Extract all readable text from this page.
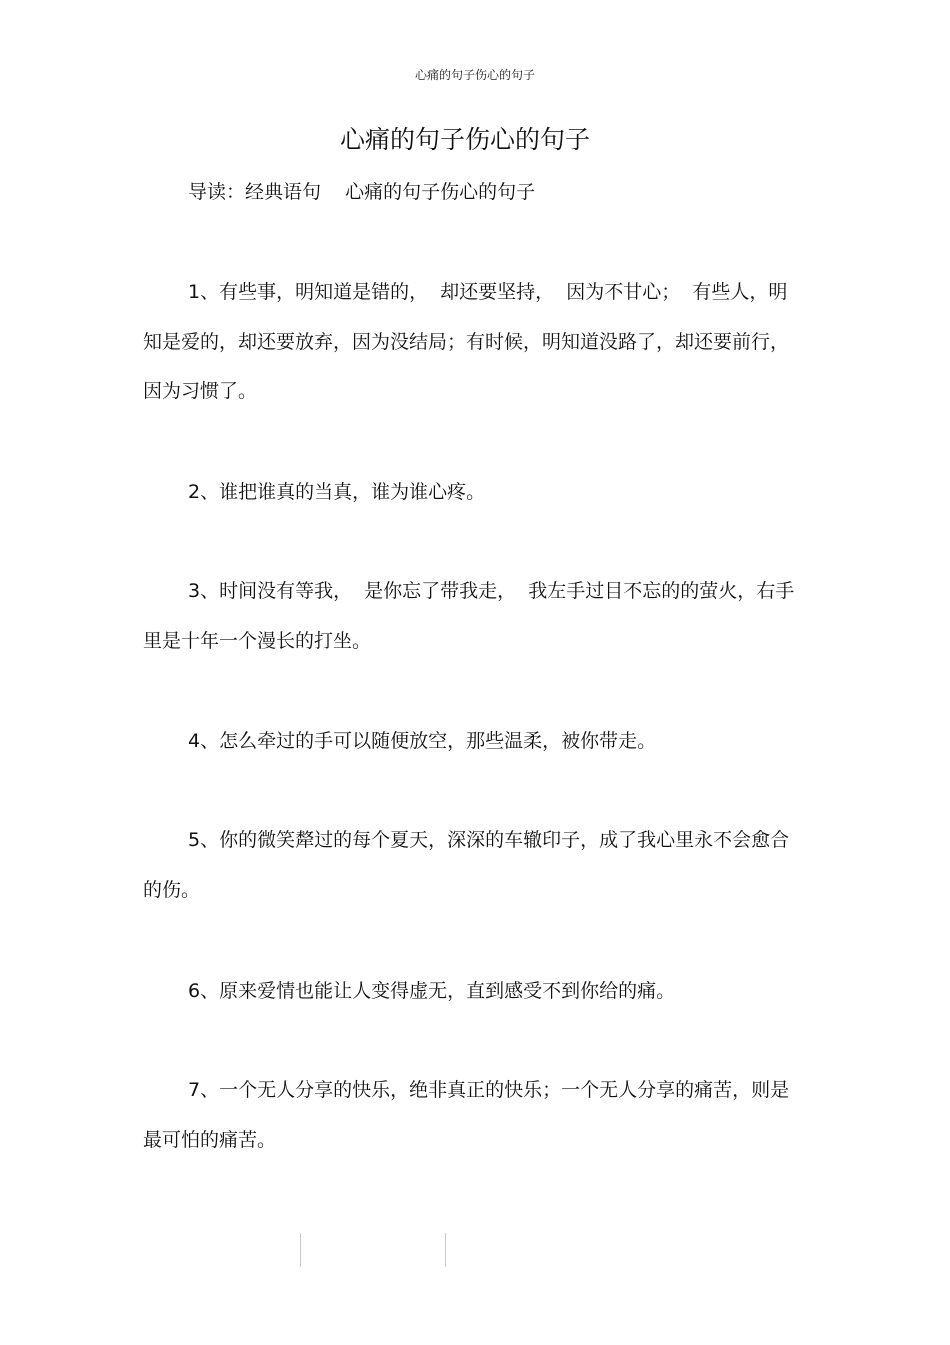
心痛的句子伤心的句子
心痛的句子伤心的句子
导读：经典语句    心痛的句子伤心的句子

1、有些事，明知道是错的，  却还要坚持，  因为不甘心；  有些人，明知是爱的，却还要放弃，因为没结局；有时候，明知道没路了，却还要前行，因为习惯了。

2、谁把谁真的当真，谁为谁心疼。

3、时间没有等我，  是你忘了带我走，  我左手过目不忘的的萤火，右手里是十年一个漫长的打坐。

4、怎么牵过的手可以随便放空，那些温柔，被你带走。

5、你的微笑犛过的每个夏天，深深的车辙印子，成了我心里永不会愈合的伤。

6、原来爱情也能让人变得虚无，直到感受不到你给的痛。

7、一个无人分享的快乐，绝非真正的快乐；一个无人分享的痛苦，则是最可怕的痛苦。
